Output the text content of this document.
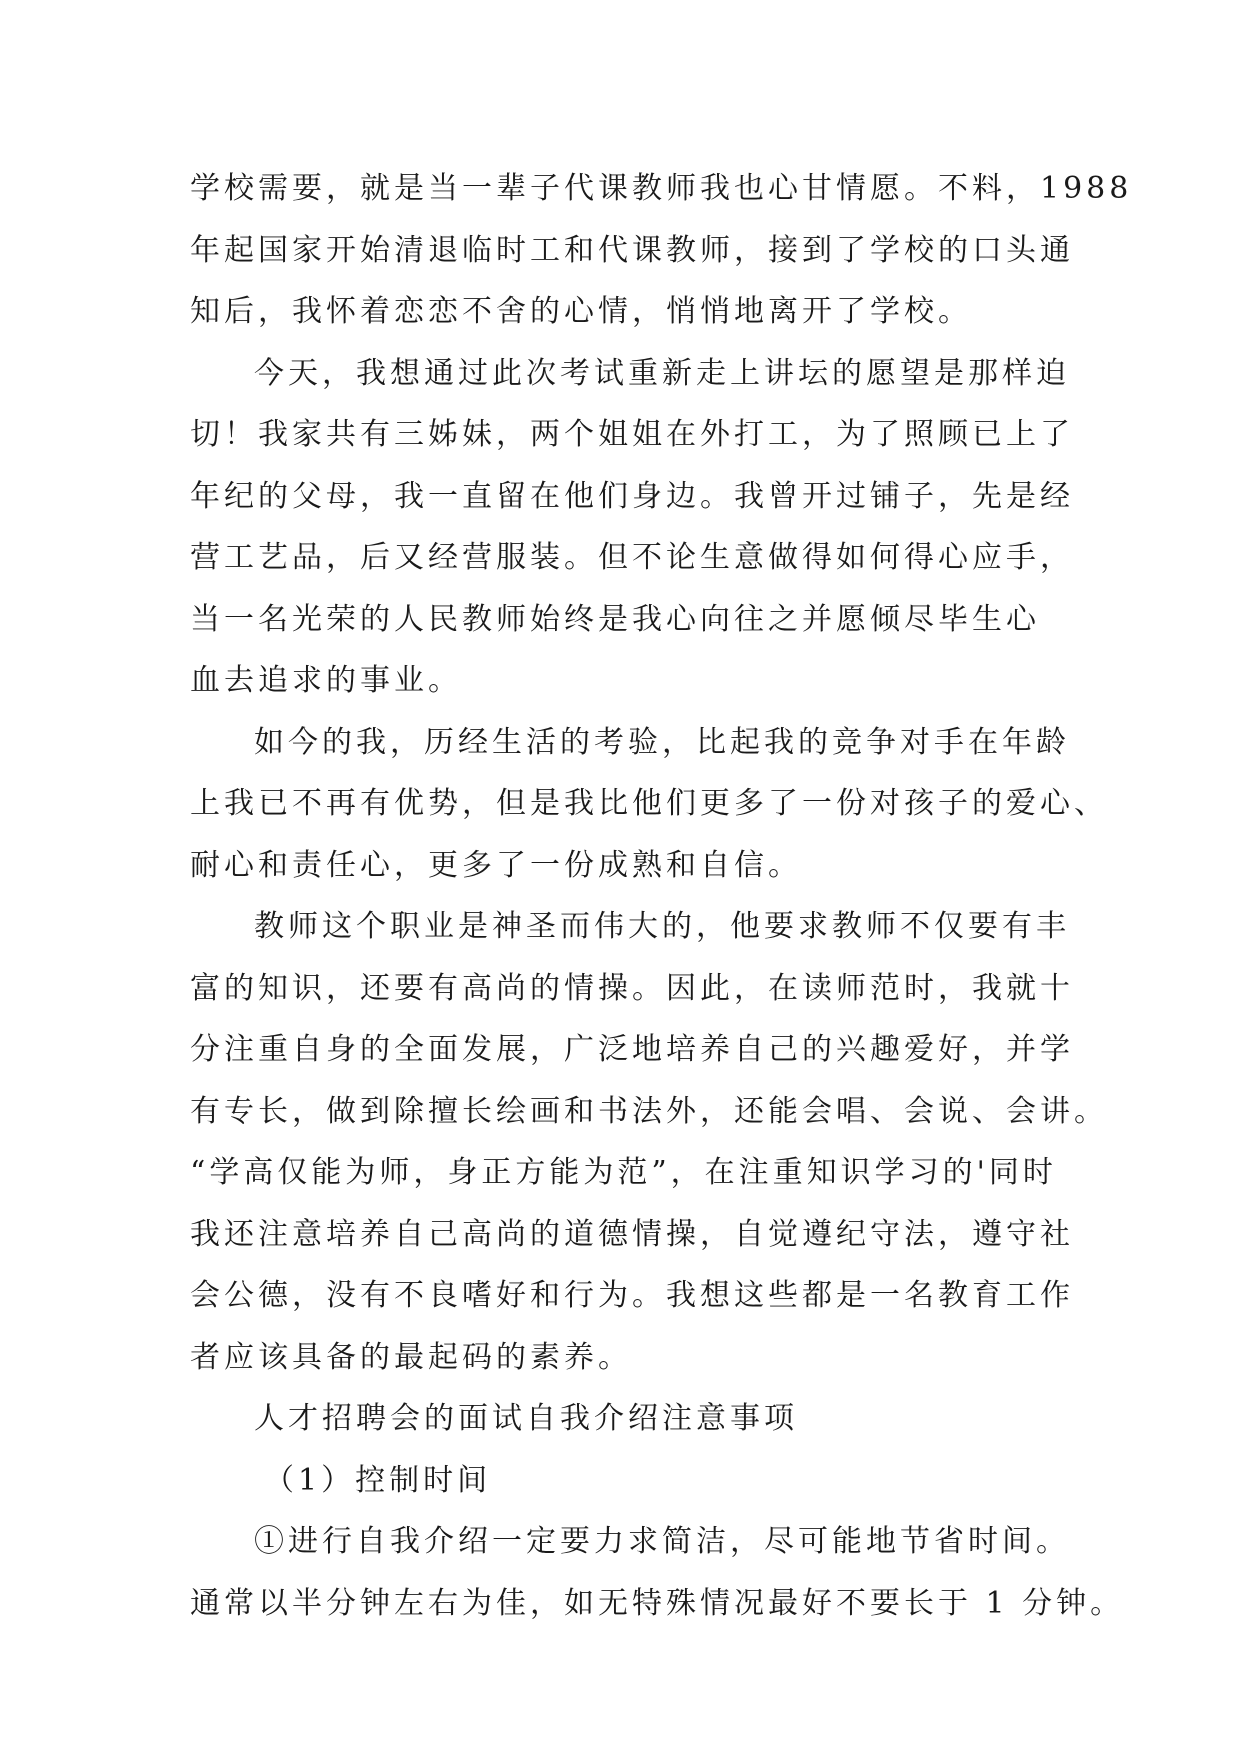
学校需要，就是当一辈子代课教师我也心甘情愿。不料，1988
年起国家开始清退临时工和代课教师，接到了学校的口头通
知后，我怀着恋恋不舍的心情，悄悄地离开了学校。
今天，我想通过此次考试重新走上讲坛的愿望是那样迫
切！我家共有三姊妹，两个姐姐在外打工，为了照顾已上了
年纪的父母，我一直留在他们身边。我曾开过铺子，先是经
营工艺品，后又经营服装。但不论生意做得如何得心应手，
当一名光荣的人民教师始终是我心向往之并愿倾尽毕生心
血去追求的事业。
如今的我，历经生活的考验，比起我的竞争对手在年龄
上我已不再有优势，但是我比他们更多了一份对孩子的爱心、
耐心和责任心，更多了一份成熟和自信。
教师这个职业是神圣而伟大的，他要求教师不仅要有丰
富的知识，还要有高尚的情操。因此，在读师范时，我就十
分注重自身的全面发展，广泛地培养自己的兴趣爱好，并学
有专长，做到除擅长绘画和书法外，还能会唱、会说、会讲。
“学高仅能为师，身正方能为范”，在注重知识学习的'同时
我还注意培养自己高尚的道德情操，自觉遵纪守法，遵守社
会公德，没有不良嗜好和行为。我想这些都是一名教育工作
者应该具备的最起码的素养。
人才招聘会的面试自我介绍注意事项
（1）控制时间
①进行自我介绍一定要力求简洁，尽可能地节省时间。
通常以半分钟左右为佳，如无特殊情况最好不要长于 1 分钟。
